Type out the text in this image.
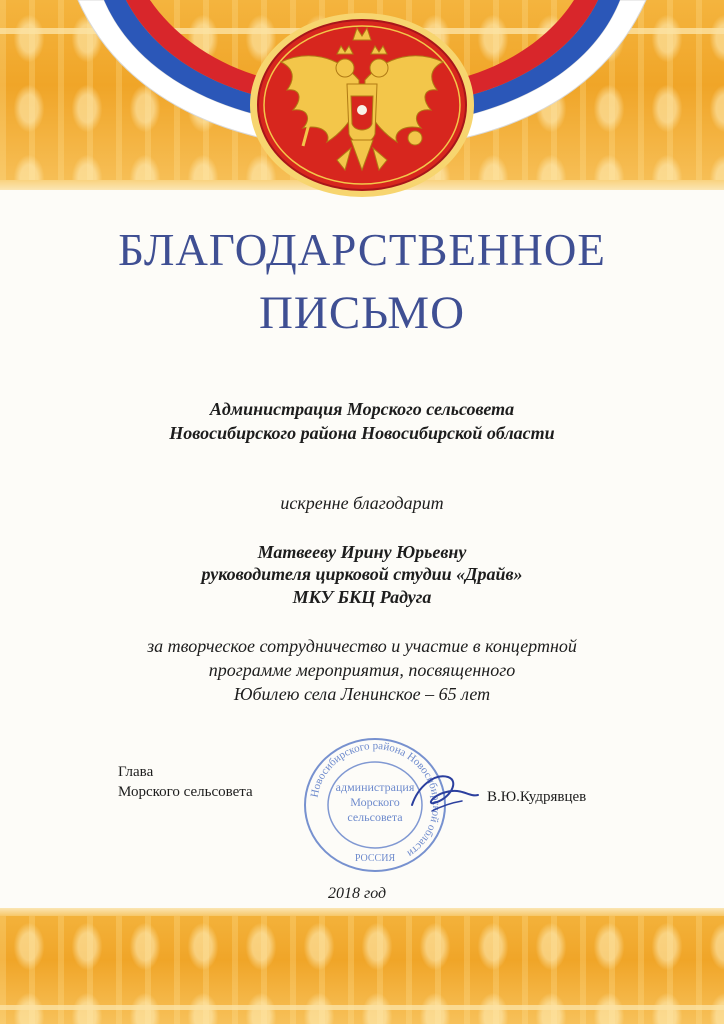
БЛАГОДАРСТВЕННОЕ
ПИСЬМО

Администрация Морского сельсовета

Новосибирского района Новосибирской области

искренне благодарит

Матвееву Ирину Юрьевну

руководителя цирковой студии «Драйв»

МКУ БКЦ Радуга

за творческое сотрудничество и участие в концертной

программе мероприятия, посвященного

Юбилею села Ленинское – 65 лет

Глава
Морского сельсовета	В.Ю.Кудрявцев
Новосибирского района Новосибирской области
администрация
Морского
сельсовета
РОССИЯ
2018 год
